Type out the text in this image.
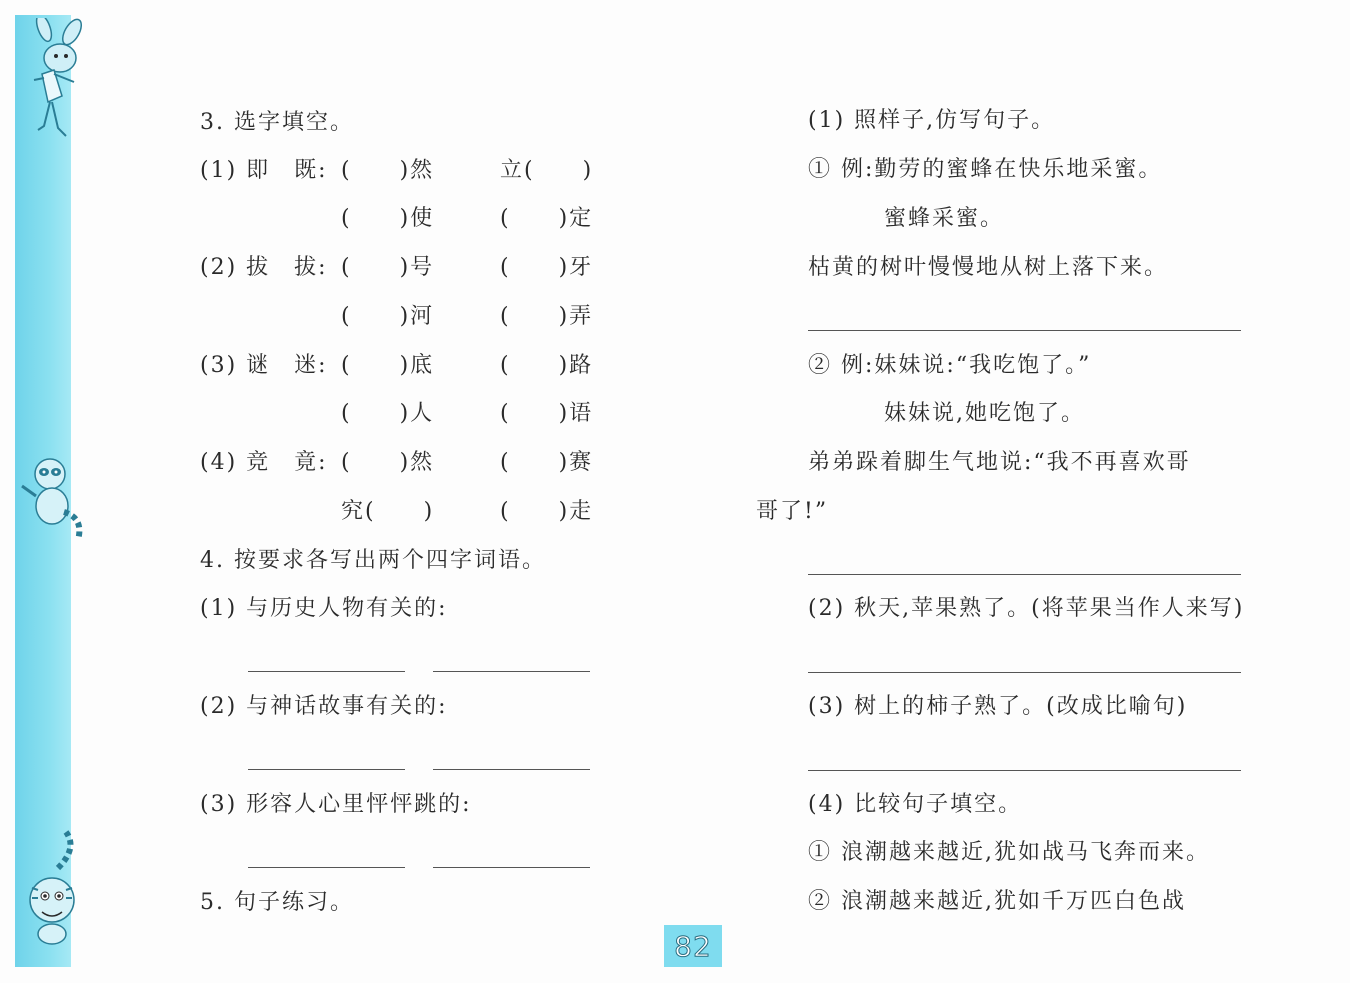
3. 选字填空。
(1) 即　既: (　　)然	立(　　)
(　　)使	(　　)定
(2) 拔　拔: (　　)号	(　　)牙
(　　)河	(　　)弄
(3) 谜　迷: (　　)底	(　　)路
(　　)人	(　　)语
(4) 竞　竟: (　　)然	(　　)赛
究(　　)	(　　)走
4. 按要求各写出两个四字词语。
(1) 与历史人物有关的:
(2) 与神话故事有关的:
(3) 形容人心里怦怦跳的:
5. 句子练习。
(1) 照样子,仿写句子。
① 例:勤劳的蜜蜂在快乐地采蜜。
蜜蜂采蜜。
枯黄的树叶慢慢地从树上落下来。
② 例:妹妹说:“我吃饱了。”
妹妹说,她吃饱了。
弟弟跺着脚生气地说:“我不再喜欢哥
哥了!”
(2) 秋天,苹果熟了。(将苹果当作人来写)
(3) 树上的柿子熟了。(改成比喻句)
(4) 比较句子填空。
① 浪潮越来越近,犹如战马飞奔而来。
② 浪潮越来越近,犹如千万匹白色战
82
